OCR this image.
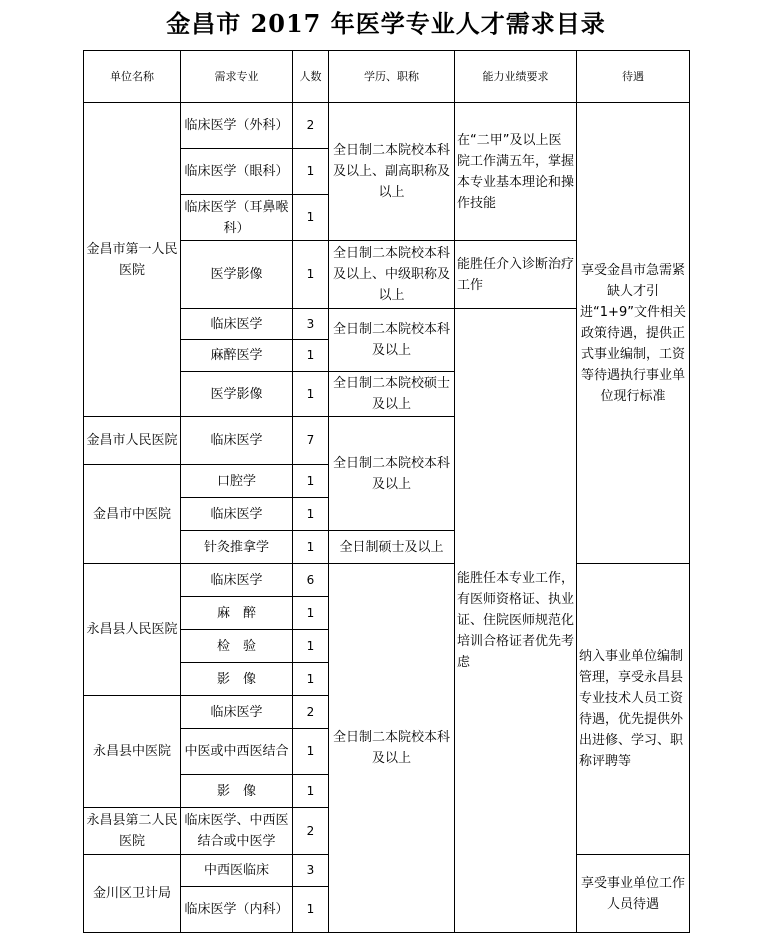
金昌市 2017 年医学专业人才需求目录
单位名称	需求专业	人数	学历、职称	能力业绩要求	待遇
金昌市第一人民医院	临床医学（外科）	2	全日制二本院校本科及以上、副高职称及以上	在“二甲”及以上医院工作满五年，掌握本专业基本理论和操作技能	享受金昌市急需紧缺人才引进“1+9”文件相关政策待遇，提供正式事业编制，工资等待遇执行事业单位现行标准
	临床医学（眼科）	1			
	临床医学（耳鼻喉科）	1			
	医学影像	1	全日制二本院校本科及以上、中级职称及以上	能胜任介入诊断治疗工作	
	临床医学	3	全日制二本院校本科及以上	能胜任本专业工作，有医师资格证、执业证、住院医师规范化培训合格证者优先考虑	
	麻醉医学	1			
	医学影像	1	全日制二本院校硕士及以上		
金昌市人民医院	临床医学	7	全日制二本院校本科及以上		
金昌市中医院	口腔学	1			
	临床医学	1			
	针灸推拿学	1	全日制硕士及以上		
永昌县人民医院	临床医学	6	全日制二本院校本科及以上		纳入事业单位编制管理，享受永昌县专业技术人员工资待遇，优先提供外出进修、学习、职称评聘等
	麻　醉	1			
	检　验	1			
	影　像	1			
永昌县中医院	临床医学	2			
	中医或中西医结合	1			
	影　像	1			
永昌县第二人民医院	临床医学、中西医结合或中医学	2			
金川区卫计局	中西医临床	3			享受事业单位工作人员待遇
	临床医学（内科）	1			
